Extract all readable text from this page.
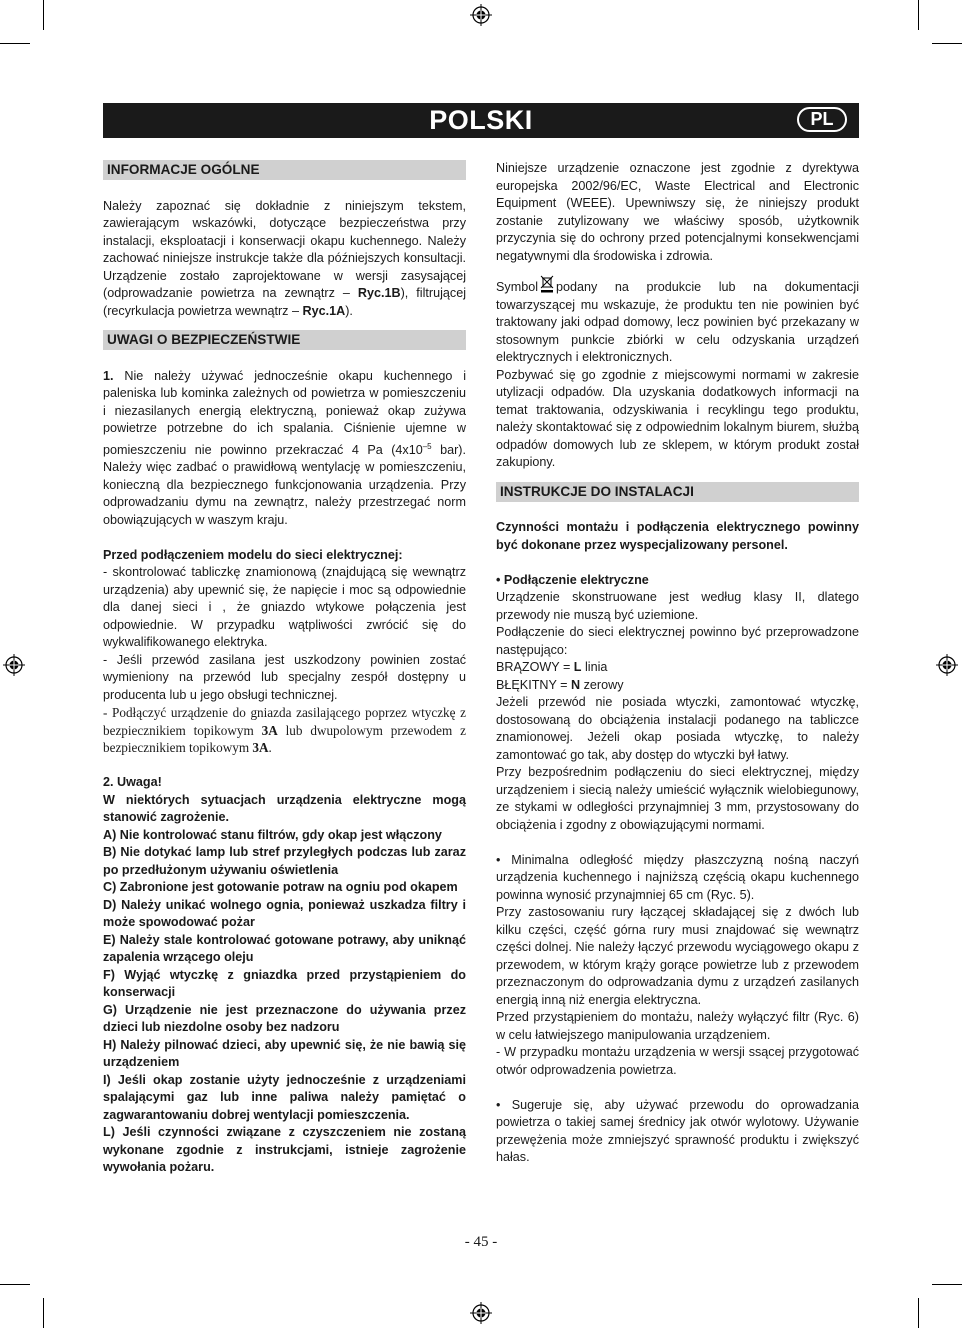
POLSKI	PL
INFORMACJE OGÓLNE

Należy zapoznać się dokładnie z niniejszym tekstem, zawierającym wskazówki, dotyczące bezpieczeństwa przy instalacji, eksploatacji i konserwacji okapu kuchennego. Należy zachować niniejsze instrukcje także dla późniejszych konsultacji. Urządzenie zostało zaprojektowane w wersji zasysającej (odprowadzanie powietrza na zewnątrz – Ryc.1B), filtrującej (recyrkulacja powietrza wewnątrz – Ryc.1A).

UWAGI O BEZPIECZEŃSTWIE

1. Nie należy używać jednocześnie okapu kuchennego i paleniska lub kominka zależnych od powietrza w pomieszczeniu i niezasilanych energią elektryczną, ponieważ okap zużywa powietrze potrzebne do ich spalania. Ciśnienie ujemne w pomieszczeniu nie powinno przekraczać 4 Pa ($4x10^{-5}$ bar). Należy więc zadbać o prawidłową wentylację w pomieszczeniu, konieczną dla bezpiecznego funkcjonowania urządzenia. Przy odprowadzaniu dymu na zewnątrz, należy przestrzegać norm obowiązujących w waszym kraju.

Przed podłączeniem modelu do sieci elektrycznej:

- skontrolować tabliczkę znamionową (znajdującą się wewnątrz urządzenia) aby upewnić się, że napięcie i moc są odpowiednie dla danej sieci i , że gniazdo wtykowe połączenia jest odpowiednie. W przypadku wątpliwości zwrócić się do wykwalifikowanego elektryka.

- Jeśli przewód zasilana jest uszkodzony powinien zostać wymieniony na przewód lub specjalny zespół dostępny u producenta lub u jego obsługi technicznej.

- Podłączyć urządzenie do gniazda zasilającego poprzez wtyczkę z bezpiecznikiem topikowym 3A lub dwupolowym przewodem z bezpiecznikiem topikowym 3A.

2. Uwaga!

W niektórych sytuacjach urządzenia elektryczne mogą stanowić zagrożenie.

A) Nie kontrolować stanu filtrów, gdy okap jest włączony

B) Nie dotykać lamp lub stref przyległych podczas lub zaraz po przedłużonym używaniu oświetlenia

C) Zabronione jest gotowanie potraw na ogniu pod okapem

D) Należy unikać wolnego ognia, ponieważ uszkadza filtry i może spowodować pożar

E) Należy stale kontrolować gotowane potrawy, aby uniknąć zapalenia wrzącego oleju

F) Wyjąć wtyczkę z gniazdka przed przystąpieniem do konserwacji

G) Urządzenie nie jest przeznaczone do używania przez dzieci lub niezdolne osoby bez nadzoru

H) Należy pilnować dzieci, aby upewnić się, że nie bawią się urządzeniem

I) Jeśli okap zostanie użyty jednocześnie z urządzeniami spalającymi gaz lub inne paliwa należy pamiętać o zagwarantowaniu dobrej wentylacji pomieszczenia.

L) Jeśli czynności związane z czyszczeniem nie zostaną wykonane zgodnie z instrukcjami, istnieje zagrożenie wywołania pożaru.

Niniejsze urządzenie oznaczone jest zgodnie z dyrektywa europejska 2002/96/EC, Waste Electrical and Electronic Equipment (WEEE). Upewniwszy się, że niniejszy produkt zostanie zutylizowany we właściwy sposób, użytkownik przyczynia się do ochrony przed potencjalnymi konsekwencjami negatywnymi dla środowiska i zdrowia.

Symbol podany na produkcie lub na dokumentacji towarzyszącej mu wskazuje, że produktu ten nie powinien być traktowany jaki odpad domowy, lecz powinien być przekazany w stosownym punkcie zbiórki w celu odzyskania urządzeń elektrycznych i elektronicznych.

Pozbywać się go zgodnie z miejscowymi normami w zakresie utylizacji odpadów. Dla uzyskania dodatkowych informacji na temat traktowania, odzyskiwania i recyklingu tego produktu, należy skontaktować się z odpowiednim lokalnym biurem, służbą odpadów domowych lub ze sklepem, w którym produkt został zakupiony.

INSTRUKCJE DO INSTALACJI

Czynności montażu i podłączenia elektrycznego powinny być dokonane przez wyspecjalizowany personel.

• Podłączenie elektryczne

Urządzenie skonstruowane jest według klasy II, dlatego przewody nie muszą być uziemione.

Podłączenie do sieci elektrycznej powinno być przeprowadzone następująco:

BRĄZOWY = L linia

BŁĘKITNY = N zerowy

Jeżeli przewód nie posiada wtyczki, zamontować wtyczkę, dostosowaną do obciążenia instalacji podanego na tabliczce znamionowej. Jeżeli okap posiada wtyczkę, to należy zamontować go tak, aby dostęp do wtyczki był łatwy.

Przy bezpośrednim podłączeniu do sieci elektrycznej, między urządzeniem i siecią należy umieścić wyłącznik wielobiegunowy, ze stykami w odległości przynajmniej 3 mm, przystosowany do obciążenia i zgodny z obowiązującymi normami.

• Minimalna odległość między płaszczyzną nośną naczyń urządzenia kuchennego i najniższą częścią okapu kuchennego powinna wynosić przynajmniej 65 cm (Ryc. 5).

Przy zastosowaniu rury łączącej składającej się z dwóch lub kilku części, część górna rury musi znajdować się wewnątrz części dolnej. Nie należy łączyć przewodu wyciągowego okapu z przewodem, w którym krąży gorące powietrze lub z przewodem przeznaczonym do odprowadzania dymu z urządzeń zasilanych energią inną niż energia elektryczna.

Przed przystąpieniem do montażu, należy wyłączyć filtr (Ryc. 6) w celu łatwiejszego manipulowania urządzeniem.

- W przypadku montażu urządzenia w wersji ssącej przygotować otwór odprowadzenia powietrza.

• Sugeruje się, aby używać przewodu do oprowadzania powietrza o takiej samej średnicy jak otwór wylotowy. Używanie przewężenia może zmniejszyć sprawność produktu i zwiększyć hałas.

- 45 -
